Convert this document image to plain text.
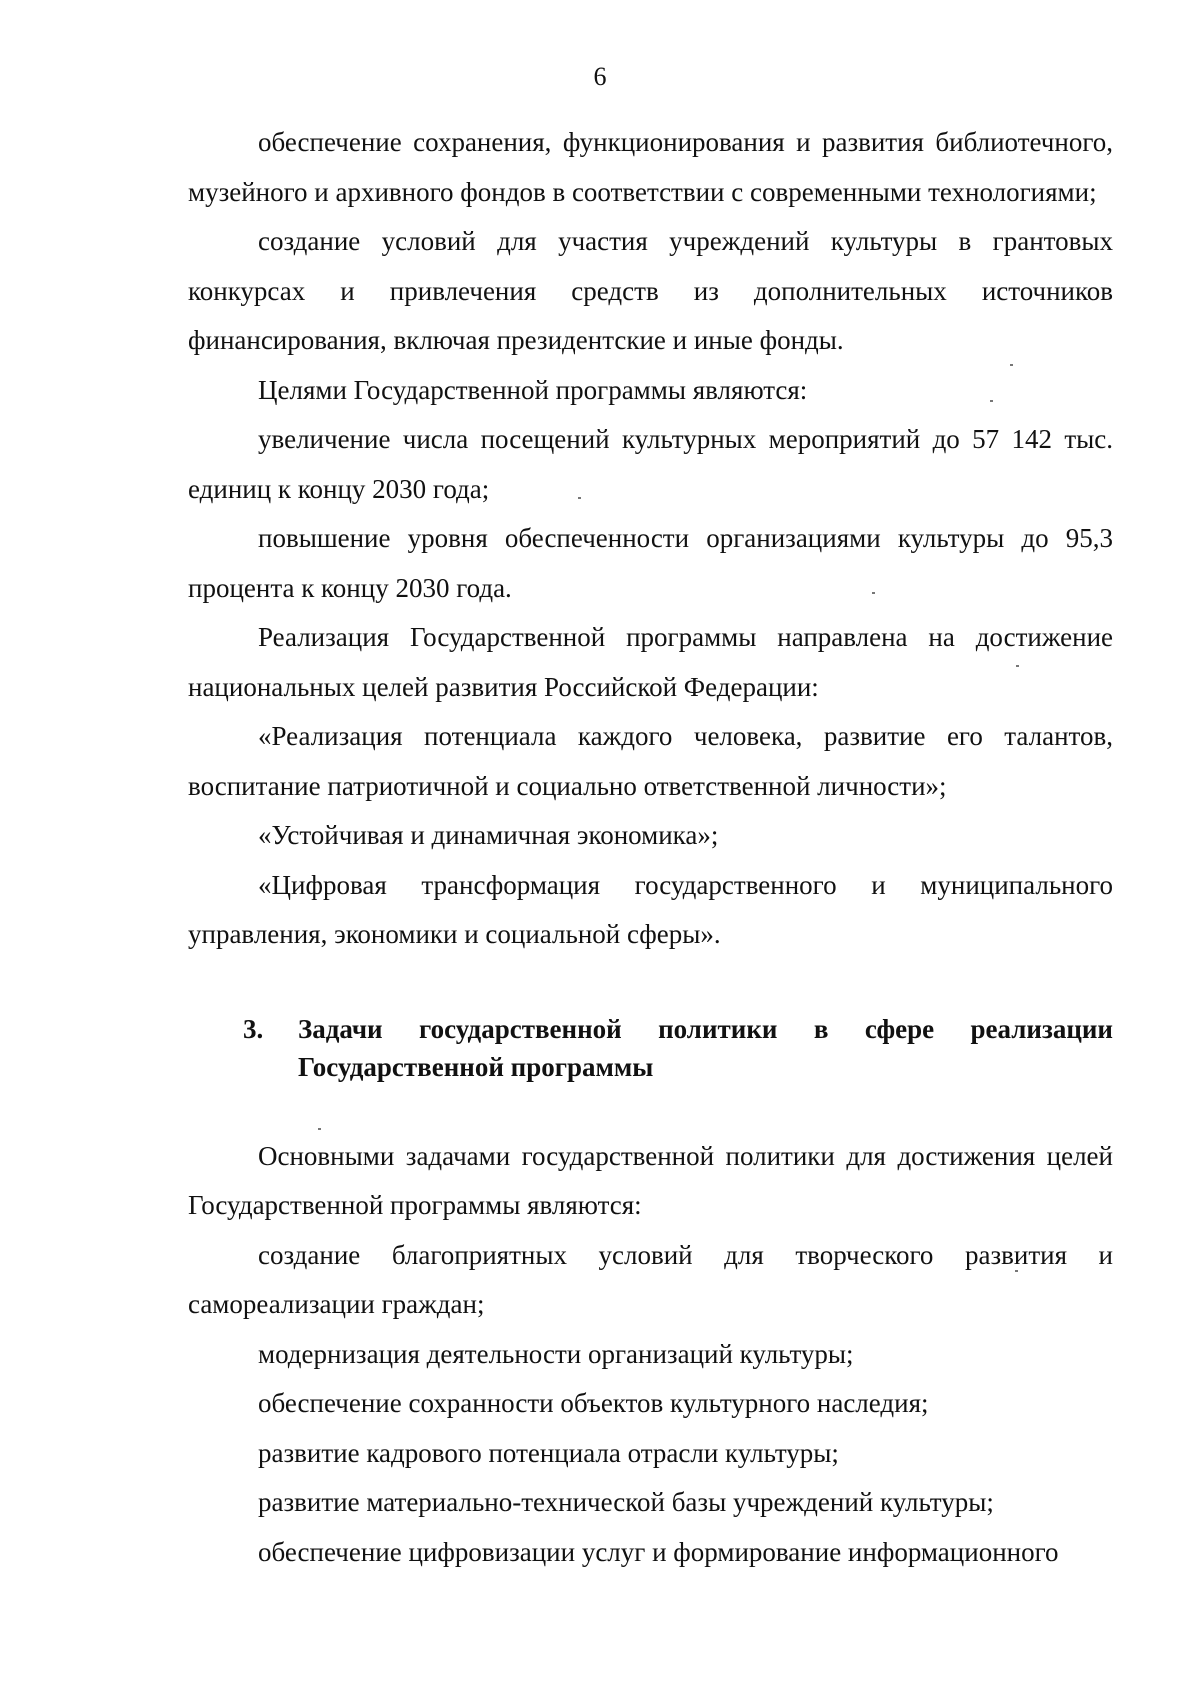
6

обеспечение сохранения, функционирования и развития библиотечного, музейного и архивного фондов в соответствии с современными технологиями;

создание условий для участия учреждений культуры в грантовых конкурсах и привлечения средств из дополнительных источников финансирования, включая президентские и иные фонды.

Целями Государственной программы являются:

увеличение числа посещений культурных мероприятий до 57 142 тыс. единиц к концу 2030 года;

повышение уровня обеспеченности организациями культуры до 95,3 процента к концу 2030 года.

Реализация Государственной программы направлена на достижение национальных целей развития Российской Федерации:

«Реализация потенциала каждого человека, развитие его талантов, воспитание патриотичной и социально ответственной личности»;

«Устойчивая и динамичная экономика»;

«Цифровая трансформация государственного и муниципального управления, экономики и социальной сферы».

3.	Задачи государственной политики в сфере реализации Государственной программы

Основными задачами государственной политики для достижения целей Государственной программы являются:

создание благоприятных условий для творческого развития и самореализации граждан;

модернизация деятельности организаций культуры;

обеспечение сохранности объектов культурного наследия;

развитие кадрового потенциала отрасли культуры;

развитие материально-технической базы учреждений культуры;

обеспечение цифровизации услуг и формирование информационного
